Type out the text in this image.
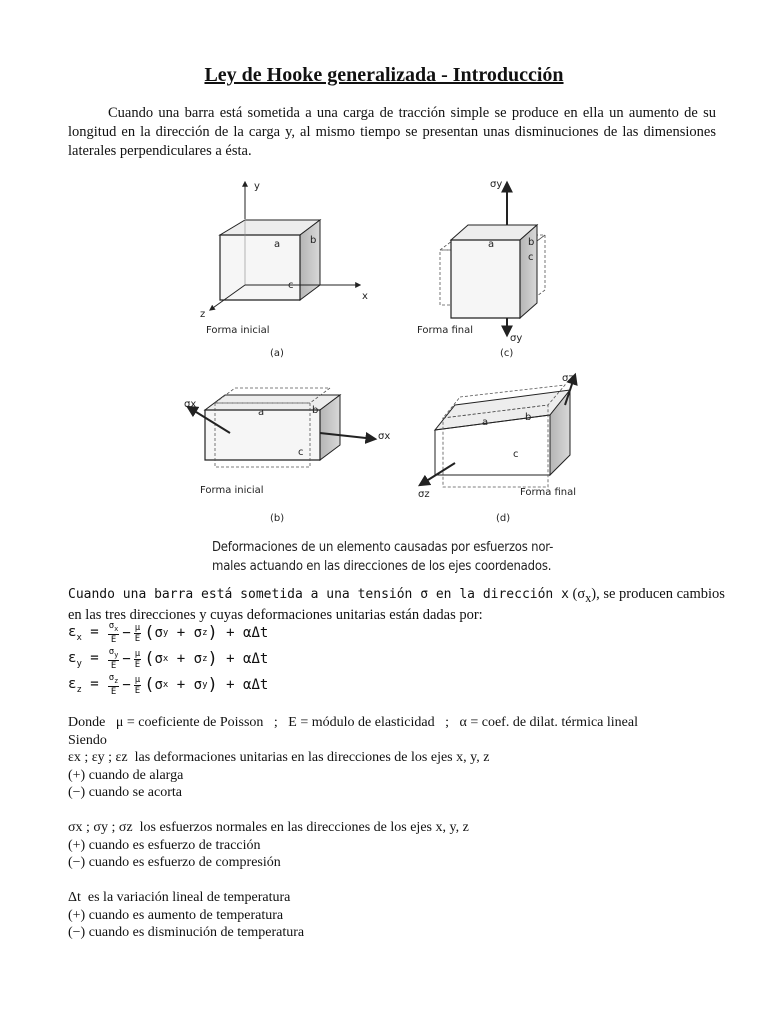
Ley de Hooke generalizada - Introducción
Cuando una barra está sometida a una carga de tracción simple se produce en ella un aumento de su longitud en la dirección de la carga y, al mismo tiempo se presentan unas disminuciones de las dimensiones laterales perpendiculares a ésta.
y
x
z
a	b
c
Forma inicial
(a)
σy
σy
a	b
c
Forma final
(c)
σx
σx
a	b
c
Forma inicial
(b)
σz
σz
a	b
c
Forma final
(d)
Deformaciones de un elemento causadas por esfuerzos nor-
males actuando en las direcciones de los ejes coordenados.
Cuando una barra está sometida a una tensión σ en la dirección x $(\sigma_x)$, se producen cambios en las tres direcciones y cuyas deformaciones unitarias están dadas por:
$\varepsilon_x = \frac{\sigma_x}{E} - \frac{\mu}{E}$ ( σ y + σ z )
+ αΔt
$\varepsilon_y = \frac{\sigma_y}{E} - \frac{\mu}{E}$ ( σ x + σ z )
+ αΔt
$\varepsilon_z = \frac{\sigma_z}{E} - \frac{\mu}{E}$ ( σ x + σ y )
+ αΔt
Donde   μ = coeficiente de Poisson   ;   E = módulo de elasticidad   ;   α = coef. de dilat. térmica lineal
Siendo
εx ; εy ; εz  las deformaciones unitarias en las direcciones de los ejes x, y, z
(+) cuando de alarga
(−) cuando se acorta
σx ; σy ; σz  los esfuerzos normales en las direcciones de los ejes x, y, z
(+) cuando es esfuerzo de tracción
(−) cuando es esfuerzo de compresión
Δt  es la variación lineal de temperatura
(+) cuando es aumento de temperatura
(−) cuando es disminución de temperatura
